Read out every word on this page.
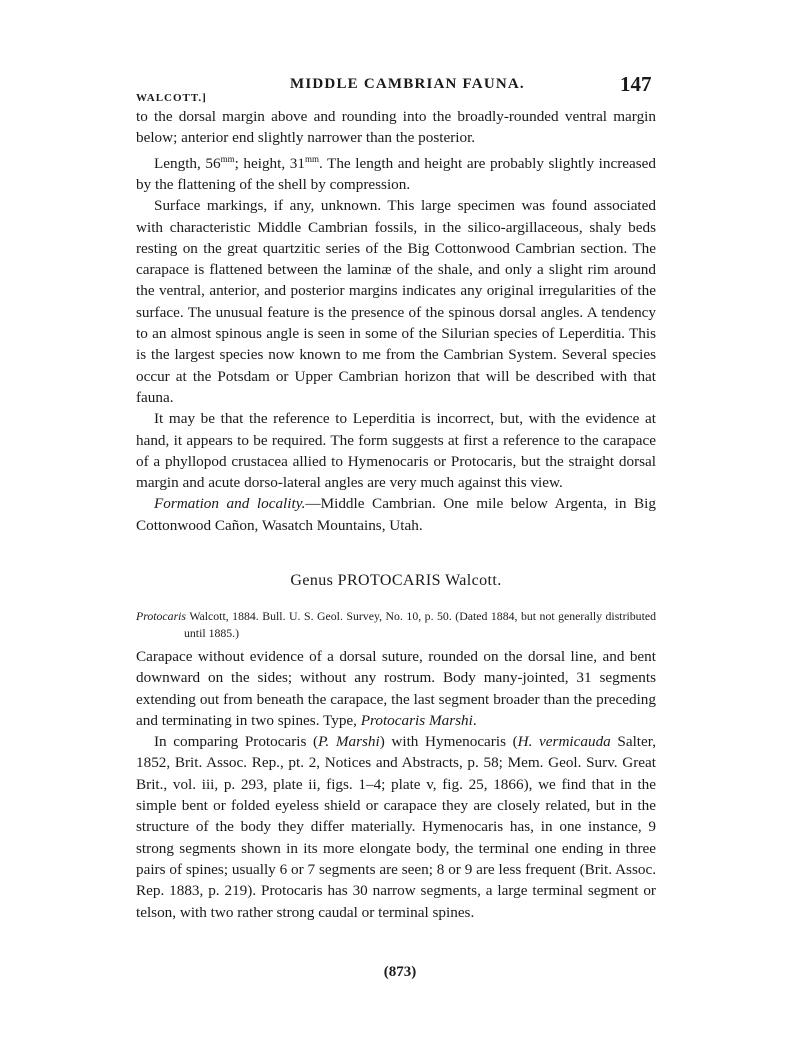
WALCOTT.]
MIDDLE CAMBRIAN FAUNA.	147

to the dorsal margin above and rounding into the broadly-rounded ventral margin below; anterior end slightly narrower than the posterior.

Length, $56^{mm}$; height, $31^{mm}$. The length and height are probably slightly increased by the flattening of the shell by compression.

Surface markings, if any, unknown. This large specimen was found associated with characteristic Middle Cambrian fossils, in the silico-argillaceous, shaly beds resting on the great quartzitic series of the Big Cottonwood Cambrian section. The carapace is flattened between the laminæ of the shale, and only a slight rim around the ventral, anterior, and posterior margins indicates any original irregularities of the surface. The unusual feature is the presence of the spinous dorsal angles. A tendency to an almost spinous angle is seen in some of the Silurian species of Leperditia. This is the largest species now known to me from the Cambrian System. Several species occur at the Potsdam or Upper Cambrian horizon that will be described with that fauna.

It may be that the reference to Leperditia is incorrect, but, with the evidence at hand, it appears to be required. The form suggests at first a reference to the carapace of a phyllopod crustacea allied to Hymenocaris or Protocaris, but the straight dorsal margin and acute dorso-lateral angles are very much against this view.

Formation and locality.—Middle Cambrian. One mile below Argenta, in Big Cottonwood Cañon, Wasatch Mountains, Utah.

Genus PROTOCARIS Walcott.

Protocaris Walcott, 1884. Bull. U. S. Geol. Survey, No. 10, p. 50. (Dated 1884, but not generally distributed until 1885.)

Carapace without evidence of a dorsal suture, rounded on the dorsal line, and bent downward on the sides; without any rostrum. Body many-jointed, 31 segments extending out from beneath the carapace, the last segment broader than the preceding and terminating in two spines. Type, Protocaris Marshi.

In comparing Protocaris (P. Marshi) with Hymenocaris (H. vermicauda Salter, 1852, Brit. Assoc. Rep., pt. 2, Notices and Abstracts, p. 58; Mem. Geol. Surv. Great Brit., vol. iii, p. 293, plate ii, figs. 1–4; plate v, fig. 25, 1866), we find that in the simple bent or folded eyeless shield or carapace they are closely related, but in the structure of the body they differ materially. Hymenocaris has, in one instance, 9 strong segments shown in its more elongate body, the terminal one ending in three pairs of spines; usually 6 or 7 segments are seen; 8 or 9 are less frequent (Brit. Assoc. Rep. 1883, p. 219). Protocaris has 30 narrow segments, a large terminal segment or telson, with two rather strong caudal or terminal spines.

(873)
